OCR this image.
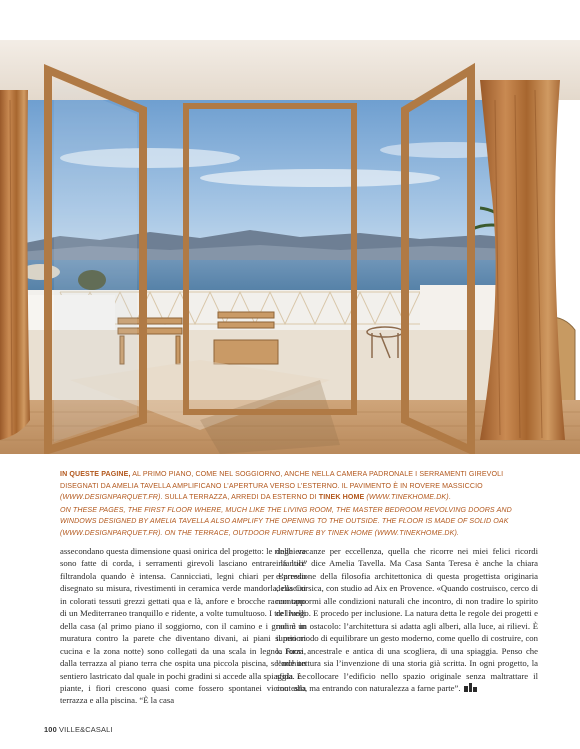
IN QUESTE PAGINE, AL PRIMO PIANO, COME NEL SOGGIORNO, ANCHE NELLA CAMERA PADRONALE I SERRAMENTI GIREVOLI DISEGNATI DA AMELIA TAVELLA AMPLIFICANO L’APERTURA VERSO L’ESTERNO. IL PAVIMENTO È IN ROVERE MASSICCIO (WWW.DESIGNPARQUET.FR). SULLA TERRAZZA, ARREDI DA ESTERNO DI TINEK HOME (WWW.TINEKHOME.DK).
ON THESE PAGES, THE FIRST FLOOR WHERE, MUCH LIKE THE LIVING ROOM, THE MASTER BEDROOM REVOLVING DOORS AND WINDOWS DESIGNED BY AMELIA TAVELLA ALSO AMPLIFY THE OPENING TO THE OUTSIDE. THE FLOOR IS MADE OF SOLID OAK (WWW.DESIGNPARQUET.FR). ON THE TERRACE, OUTDOOR FURNITURE BY TINEK HOME (WWW.TINEKHOME.DK).
assecondano questa dimensione quasi onirica del progetto: le ringhiere sono fatte di corda, i serramenti girevoli lasciano entrare la luce filtrandola quando è intensa. Cannicciati, legni chiari per l’arredo disegnato su misura, rivestimenti in ceramica verde mandorla, cuscini in colorati tessuti grezzi gettati qua e là, anfore e brocche raccontano di un Mediterraneo tranquillo e ridente, a volte tumultuoso. I tre livelli della casa (al primo piano il soggiorno, con il camino e i gradini in muratura contro la parete che diventano divani, ai piani superiori cucina e la zona notte) sono collegati da una scala in legno. Fuori, dalla terrazza al piano terra che ospita una piccola piscina, scende un sentiero lastricato dal quale in pochi gradini si accede alla spiaggia. Le piante, i fiori crescono quasi come fossero spontanei vicino alla terrazza e alla piscina. “È la casa
delle vacanze per eccellenza, quella che ricorre nei miei felici ricordi infantili” dice Amelia Tavella. Ma Casa Santa Teresa è anche la chiara espressione della filosofia architettonica di questa progettista originaria della Corsica, con studio ad Aix en Provence. «Quando costruisco, cerco di non oppormi alle condizioni naturali che incontro, di non tradire lo spirito del luogo. E procedo per inclusione. La natura detta le regole dei progetti e non è un ostacolo: l’architettura si adatta agli alberi, alla luce, ai rilievi. È il mio modo di equilibrare un gesto moderno, come quello di costruire, con la forza ancestrale e antica di una scogliera, di una spiaggia. Penso che l’architettura sia l’invenzione di una storia già scritta. In ogni progetto, la sfida è collocare l’edificio nello spazio originale senza maltrattare il contesto, ma entrando con naturalezza a farne parte”.
100 VILLE&CASALI
